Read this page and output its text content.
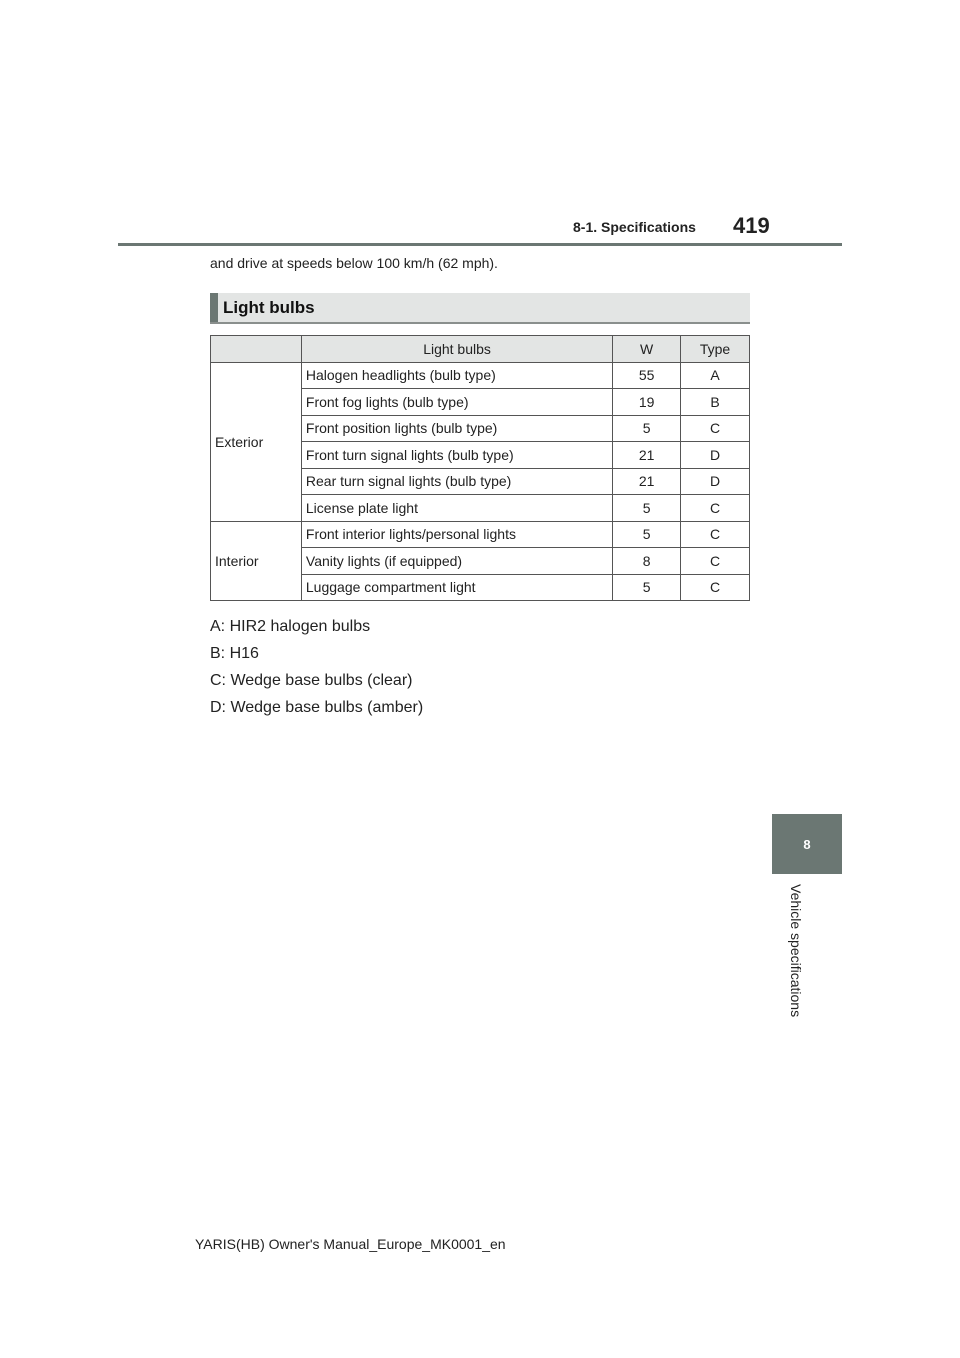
8-1. Specifications 419
and drive at speeds below 100 km/h (62 mph).
Light bulbs
	Light bulbs	W	Type
Exterior	Halogen headlights (bulb type)	55	A
	Front fog lights (bulb type)	19	B
	Front position lights (bulb type)	5	C
	Front turn signal lights (bulb type)	21	D
	Rear turn signal lights (bulb type)	21	D
	License plate light	5	C
Interior	Front interior lights/personal lights	5	C
	Vanity lights (if equipped)	8	C
	Luggage compartment light	5	C
A: HIR2 halogen bulbs
B: H16
C: Wedge base bulbs (clear)
D: Wedge base bulbs (amber)
8
Vehicle specifications
YARIS(HB) Owner's Manual_Europe_MK0001_en
